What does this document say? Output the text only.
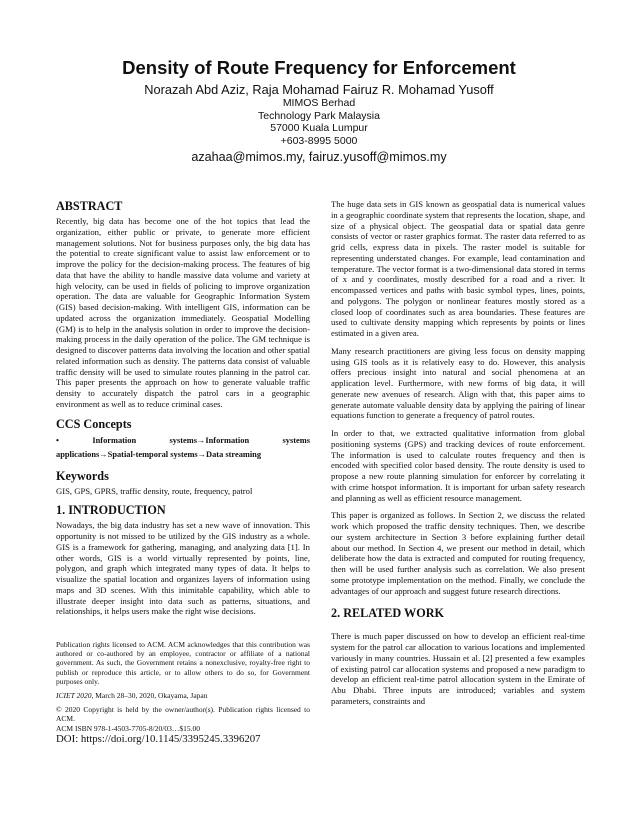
Density of Route Frequency for Enforcement
Norazah Abd Aziz, Raja Mohamad Fairuz R. Mohamad Yusoff
MIMOS Berhad
Technology Park Malaysia
57000 Kuala Lumpur
+603-8995 5000
azahaa@mimos.my, fairuz.yusoff@mimos.my
ABSTRACT

Recently, big data has become one of the hot topics that lead the organization, either public or private, to generate more efficient management solutions. Not for business purposes only, the big data has the potential to create significant value to assist law enforcement or to improve the policy for the decision-making process. The features of big data that have the ability to handle massive data volume and variety at high velocity, can be used in fields of policing to improve organization operation. The data are valuable for Geographic Information System (GIS) based decision-making. With intelligent GIS, information can be updated across the organization immediately. Geospatial Modelling (GM) is to help in the analysis solution in order to improve the decision-making process in the daily operation of the police. The GM technique is designed to discover patterns data involving the location and other spatial related information such as density. The patterns data consist of valuable traffic density will be used to simulate routes planning in the patrol car. This paper presents the approach on how to generate valuable traffic density to accurately dispatch the patrol cars in a geographic environment as well as to reduce criminal cases.

CCS Concepts
• Information systems→Information systems
applications→Spatial-temporal systems→Data streaming
Keywords

GIS, GPS, GPRS, traffic density, route, frequency, patrol

1. INTRODUCTION

Nowadays, the big data industry has set a new wave of innovation. This opportunity is not missed to be utilized by the GIS industry as a whole. GIS is a framework for gathering, managing, and analyzing data [1]. In other words, GIS is a world virtually represented by points, line, polygon, and graph which integrated many types of data. It helps to visualize the spatial location and organizes layers of information using maps and 3D scenes. With this inimitable capability, which able to illustrate deeper insight into data such as patterns, situations, and relationships, it helps users make the right wise decisions.

Publication rights licensed to ACM. ACM acknowledges that this contribution was authored or co-authored by an employee, contractor or affiliate of a national government. As such, the Government retains a nonexclusive, royalty-free right to publish or reproduce this article, or to allow others to do so, for Government purposes only.

ICIET 2020, March 28–30, 2020, Okayama, Japan

© 2020 Copyright is held by the owner/author(s). Publication rights licensed to ACM.

ACM ISBN 978-1-4503-7705-8/20/03…$15.00

DOI: https://doi.org/10.1145/3395245.3396207

The huge data sets in GIS known as geospatial data is numerical values in a geographic coordinate system that represents the location, shape, and size of a physical object. The geospatial data or spatial data genre consists of vector or raster graphics format. The raster data referred to as grid cells, express data in pixels. The raster model is suitable for representing understated changes. For example, lead contamination and temperature. The vector format is a two-dimensional data stored in terms of x and y coordinates, mostly described for a road and a river. It encompassed vertices and paths with basic symbol types, lines, points, and polygons. The polygon or nonlinear features mostly stored as a closed loop of coordinates such as area boundaries. These features are used to cultivate density mapping which represents by points or lines estimated in a given area.

Many research practitioners are giving less focus on density mapping using GIS tools as it is relatively easy to do. However, this analysis offers precious insight into natural and social phenomena at an application level. Furthermore, with new forms of big data, it will generate new avenues of research. Align with that, this paper aims to generate automate valuable density data by applying the pairing of linear equations function to generate a frequency of patrol routes.

In order to that, we extracted qualitative information from global positioning systems (GPS) and tracking devices of route enforcement. The information is used to calculate routes frequency and then is encoded with specified color based density. The route density is used to propose a new route planning simulation for enforcer by correlating it with crime hotspot information. It is important for urban safety research and planning as well as efficient resource management.

This paper is organized as follows. In Section 2, we discuss the related work which proposed the traffic density techniques. Then, we describe our system architecture in Section 3 before explaining further detail about our method. In Section 4, we present our method in detail, which deliberate how the data is extracted and computed for routing frequency, then will be used further analysis such as correlation. We also present some prototype implementation on the method. Finally, we conclude the advantages of our approach and suggest future research directions.

2. RELATED WORK

There is much paper discussed on how to develop an efficient real-time system for the patrol car allocation to various locations and implemented variously in many countries. Hussain et al. [2] presented a few examples of existing patrol car allocation systems and proposed a new paradigm to develop an efficient real-time patrol allocation system in the Emirate of Abu Dhabi. Three inputs are introduced; variables and system parameters, constraints and
